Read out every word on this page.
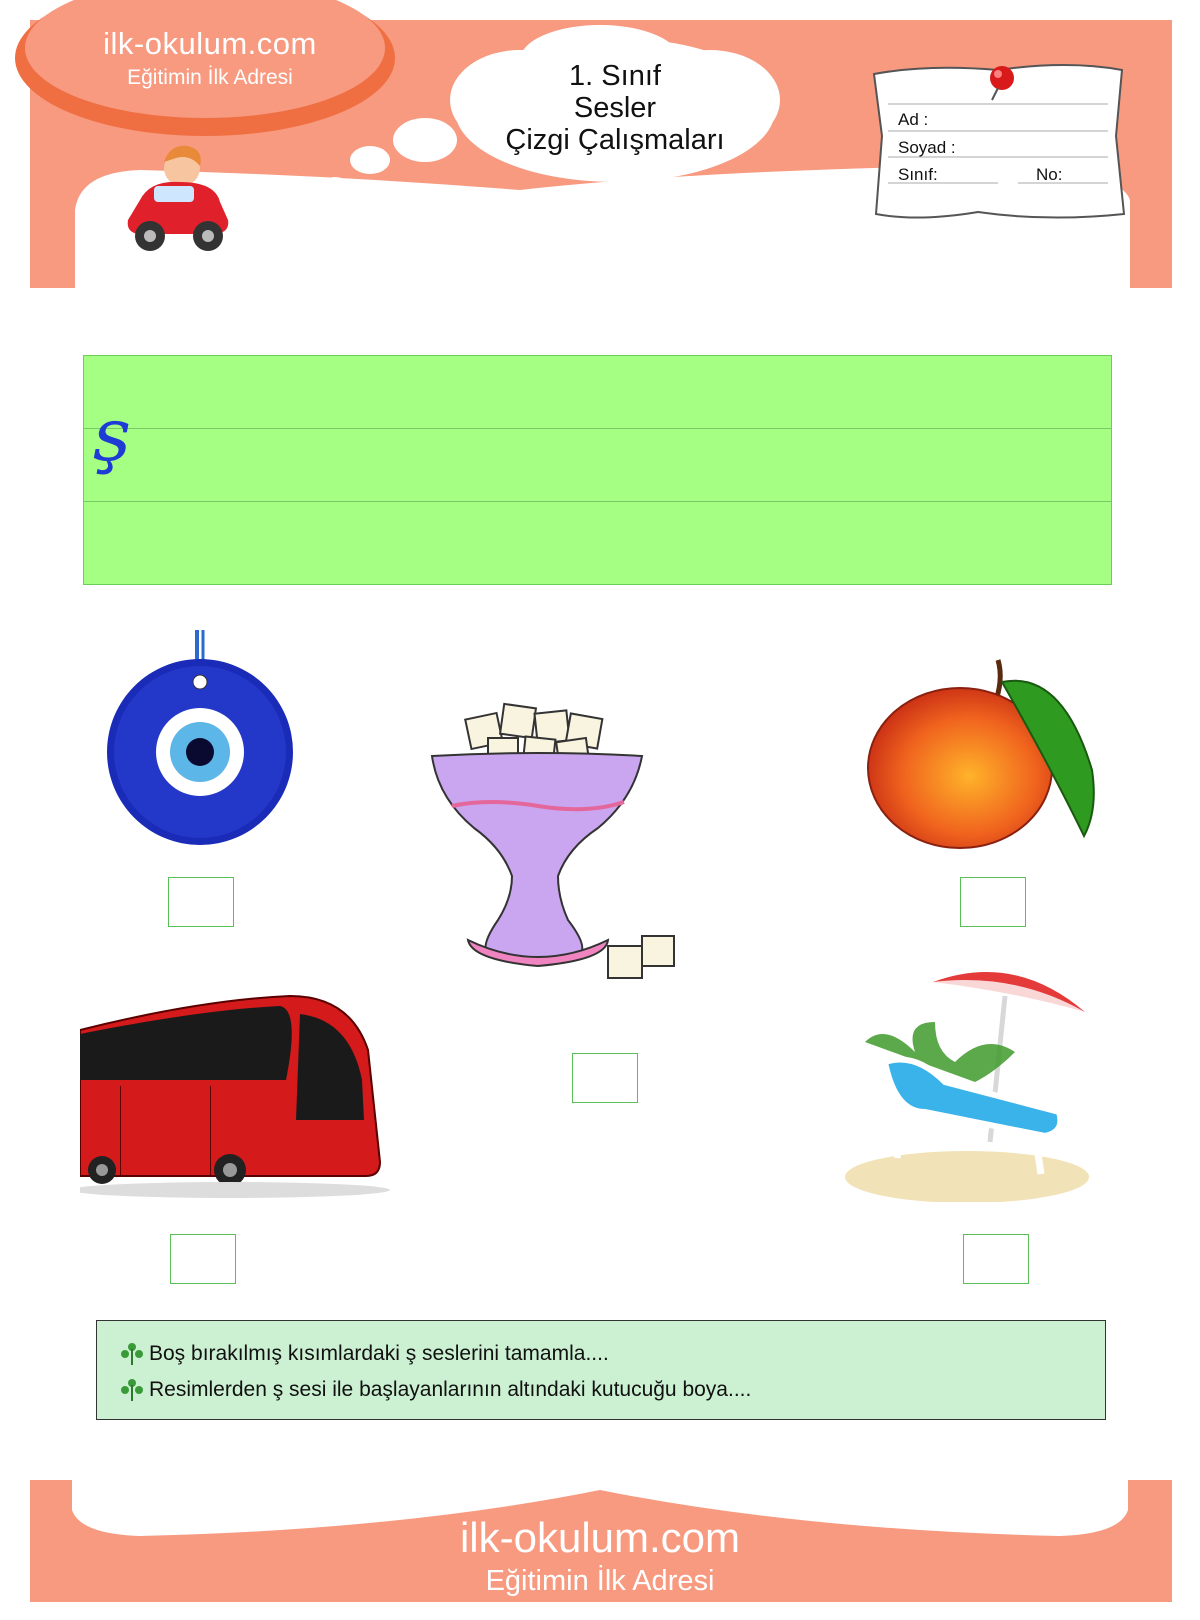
ilk-okulum.com
Eğitimin İlk Adresi	1. Sınıf
Sesler
Çizgi Çalışmaları
Ad :
Soyad :
Sınıf:	No:
ş
Boş bırakılmış kısımlardaki ş seslerini tamamla....
Resimlerden ş sesi ile başlayanlarının altındaki kutucuğu boya....
ilk-okulum.com
Eğitimin İlk Adresi
